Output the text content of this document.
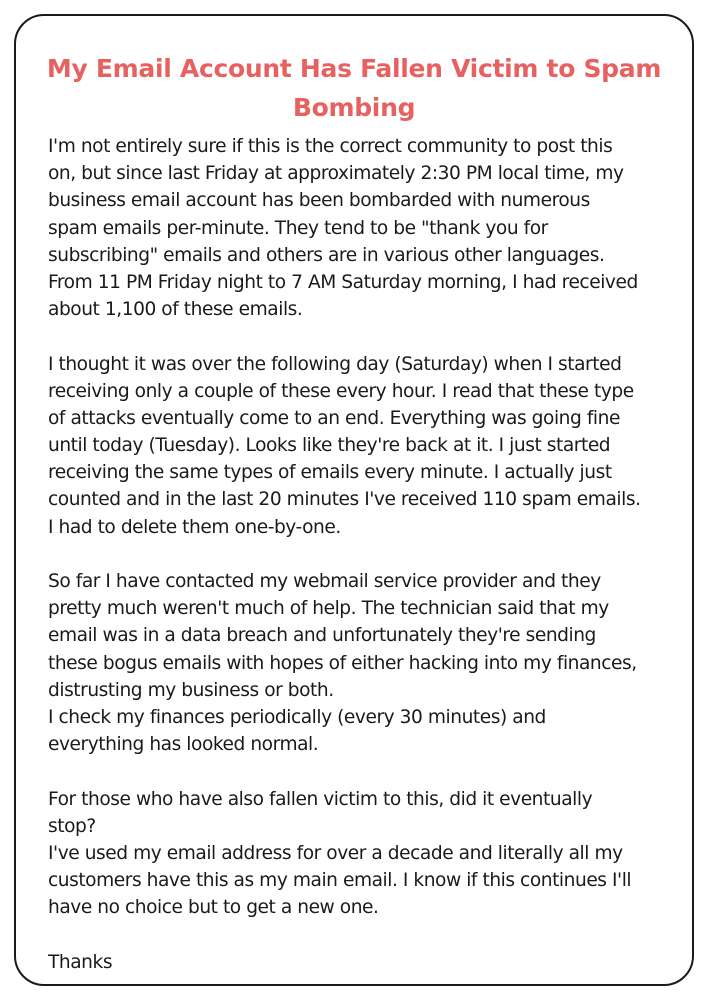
My Email Account Has Fallen Victim to Spam
Bombing
I'm not entirely sure if this is the correct community to post this
on, but since last Friday at approximately 2:30 PM local time, my
business email account has been bombarded with numerous
spam emails per-minute. They tend to be "thank you for
subscribing" emails and others are in various other languages.
From 11 PM Friday night to 7 AM Saturday morning, I had received
about 1,100 of these emails.
I thought it was over the following day (Saturday) when I started
receiving only a couple of these every hour. I read that these type
of attacks eventually come to an end. Everything was going fine
until today (Tuesday). Looks like they're back at it. I just started
receiving the same types of emails every minute. I actually just
counted and in the last 20 minutes I've received 110 spam emails.
I had to delete them one-by-one.
So far I have contacted my webmail service provider and they
pretty much weren't much of help. The technician said that my
email was in a data breach and unfortunately they're sending
these bogus emails with hopes of either hacking into my finances,
distrusting my business or both.
I check my finances periodically (every 30 minutes) and
everything has looked normal.
For those who have also fallen victim to this, did it eventually
stop?
I've used my email address for over a decade and literally all my
customers have this as my main email. I know if this continues I'll
have no choice but to get a new one.
Thanks
